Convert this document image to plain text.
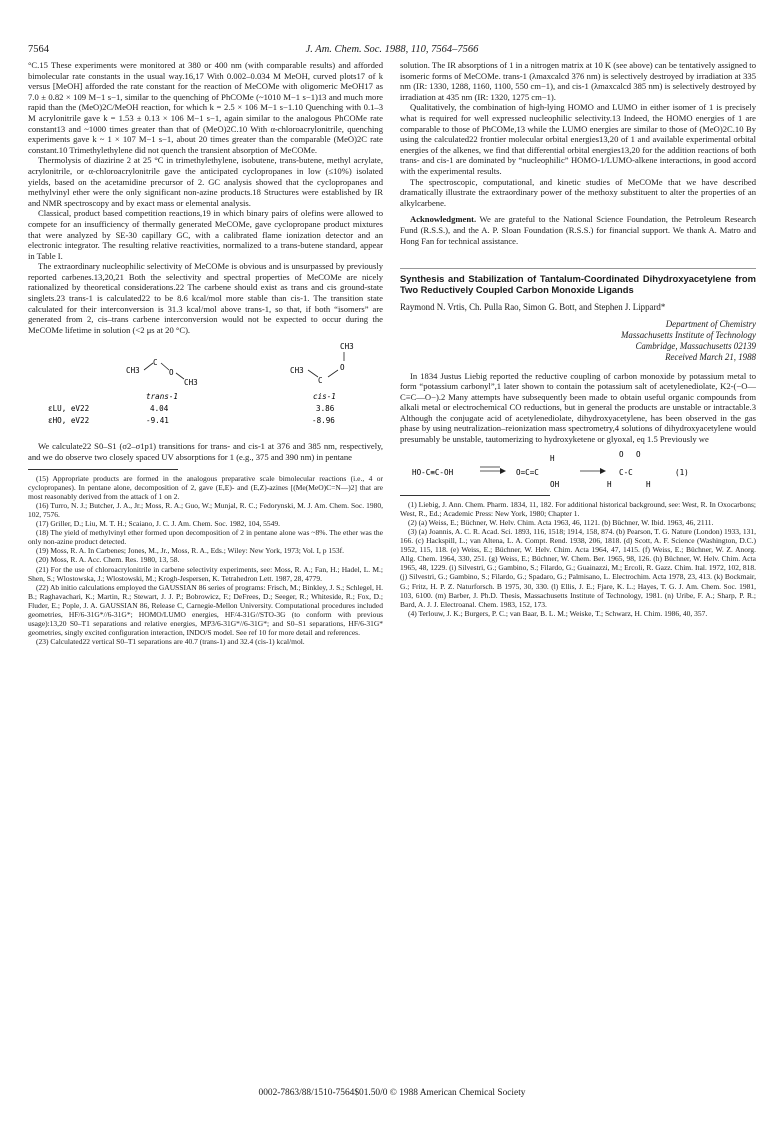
7564	J. Am. Chem. Soc. 1988, 110, 7564–7566

°C.15 These experiments were monitored at 380 or 400 nm (with comparable results) and afforded bimolecular rate constants in the usual way.16,17 With 0.002–0.034 M MeOH, curved plots17 of k versus [MeOH] afforded the rate constant for the reaction of MeCOMe with oligomeric MeOH17 as 7.0 ± 0.82 × 109 M−1 s−1, similar to the quenching of PhCOMe (~1010 M−1 s−1)13 and much more rapid than the (MeO)2C/MeOH reaction, for which k = 2.5 × 106 M−1 s−1.10 Quenching with 0.1–3 M acrylonitrile gave k = 1.53 ± 0.13 × 106 M−1 s−1, again similar to the analogous PhCOMe rate constant13 and ~1000 times greater than that of (MeO)2C.10 With α-chloroacrylonitrile, quenching experiments gave k ~ 1 × 107 M−1 s−1, about 20 times greater than the comparable (MeO)2C rate constant.10 Trimethylethylene did not quench the transient absorption of MeCOMe.

Thermolysis of diazirine 2 at 25 °C in trimethylethylene, isobutene, trans-butene, methyl acrylate, acrylonitrile, or α-chloroacrylonitrile gave the anticipated cyclopropanes in low (≤10%) isolated yields, based on the acetamidine precursor of 2. GC analysis showed that the cyclopropanes and methylvinyl ether were the only significant non-azine products.18 Structures were established by IR and NMR spectroscopy and by exact mass or elemental analysis.

Classical, product based competition reactions,19 in which binary pairs of olefins were allowed to compete for an insufficiency of thermally generated MeCOMe, gave cyclopropane product mixtures that were analyzed by SE-30 capillary GC, with a calibrated flame ionization detector and an electronic integrator. The resulting relative reactivities, normalized to a trans-butene standard, appear in Table I.

The extraordinary nucleophilic selectivity of MeCOMe is obvious and is unsurpassed by previously reported carbenes.13,20,21 Both the selectivity and spectral properties of MeCOMe are nicely rationalized by theoretical considerations.22 The carbene should exist as trans and cis ground-state singlets.23 trans-1 is calculated22 to be 8.6 kcal/mol more stable than cis-1. The transition state calculated for their interconversion is 31.3 kcal/mol above trans-1, so that, if both “isomers” are generated from 2, cis–trans carbene interconversion would not be expected to occur during the MeCOMe lifetime in solution (<2 μs at 20 °C).

CH3
C
O
CH3
CH3
O
CH3
C
trans-1	cis-1
εLU, eV22	4.04	3.86
εHO, eV22	-9.41	-8.96

We calculate22 S0–S1 (σ2–σ1p1) transitions for trans- and cis-1 at 376 and 385 nm, respectively, and we do observe two closely spaced UV absorptions for 1 (e.g., 375 and 390 nm) in pentane

(15) Appropriate products are formed in the analogous preparative scale bimolecular reactions (i.e., 4 or cyclopropanes). In pentane alone, decomposition of 2, gave (E,E)- and (E,Z)-azines [(Me(MeO)C=N—)2] that are most reasonably derived from the attack of 1 on 2.

(16) Turro, N. J.; Butcher, J. A., Jr.; Moss, R. A.; Guo, W.; Munjal, R. C.; Fedorynski, M. J. Am. Chem. Soc. 1980, 102, 7576.

(17) Griller, D.; Liu, M. T. H.; Scaiano, J. C. J. Am. Chem. Soc. 1982, 104, 5549.

(18) The yield of methylvinyl ether formed upon decomposition of 2 in pentane alone was ~8%. The ether was the only non-azine product detected.

(19) Moss, R. A. In Carbenes; Jones, M., Jr., Moss, R. A., Eds.; Wiley: New York, 1973; Vol. I, p 153f.

(20) Moss, R. A. Acc. Chem. Res. 1980, 13, 58.

(21) For the use of chloroacrylonitrile in carbene selectivity experiments, see: Moss, R. A.; Fan, H.; Hadel, L. M.; Shen, S.; Wlostowska, J.; Wlostowski, M.; Krogh-Jespersen, K. Tetrahedron Lett. 1987, 28, 4779.

(22) Ab initio calculations employed the GAUSSIAN 86 series of programs: Frisch, M.; Binkley, J. S.; Schlegel, H. B.; Raghavachari, K.; Martin, R.; Stewart, J. J. P.; Bobrowicz, F.; DeFrees, D.; Seeger, R.; Whiteside, R.; Fox, D.; Fluder, E.; Pople, J. A. GAUSSIAN 86, Release C, Carnegie-Mellon University. Computational procedures included geometries, HF/6-31G*//6-31G*; HOMO/LUMO energies, HF/4-31G//STO-3G (to conform with previous usage):13,20 S0–T1 separations and relative energies, MP3/6-31G*//6-31G*; and S0–S1 separations, HF/6-31G* geometries, singly excited configuration interaction, INDO/S model. See ref 10 for more detail and references.

(23) Calculated22 vertical S0–T1 separations are 40.7 (trans-1) and 32.4 (cis-1) kcal/mol.

solution. The IR absorptions of 1 in a nitrogen matrix at 10 K (see above) can be tentatively assigned to isomeric forms of MeCOMe. trans-1 (λmaxcalcd 376 nm) is selectively destroyed by irradiation at 335 nm (IR: 1330, 1288, 1160, 1100, 550 cm−1), and cis-1 (λmaxcalcd 385 nm) is selectively destroyed by irradiation at 435 nm (IR: 1320, 1275 cm−1).

Qualitatively, the combination of high-lying HOMO and LUMO in either isomer of 1 is precisely what is required for well expressed nucleophilic selectivity.13 Indeed, the HOMO energies of 1 are comparable to those of PhCOMe,13 while the LUMO energies are similar to those of (MeO)2C.10 By using the calculated22 frontier molecular orbital energies13,20 of 1 and available experimental orbital energies of the alkenes, we find that differential orbital energies13,20 for the addition reactions of both trans- and cis-1 are dominated by “nucleophilic” HOMO-1/LUMO-alkene interactions, in good accord with the experimental results.

The spectroscopic, computational, and kinetic studies of MeCOMe that we have described dramatically illustrate the extraordinary power of the methoxy substituent to alter the properties of an alkylcarbene.

Acknowledgment. We are grateful to the National Science Foundation, the Petroleum Research Fund (R.S.S.), and the A. P. Sloan Foundation (R.S.S.) for financial support. We thank A. Matro and Hong Fan for technical assistance.

Synthesis and Stabilization of Tantalum-Coordinated Dihydroxyacetylene from Two Reductively Coupled Carbon Monoxide Ligands
Raymond N. Vrtis, Ch. Pulla Rao, Simon G. Bott, and Stephen J. Lippard*
Department of Chemistry
Massachusetts Institute of Technology
Cambridge, Massachusetts 02139
Received March 21, 1988

In 1834 Justus Liebig reported the reductive coupling of carbon monoxide by potassium metal to form “potassium carbonyl”,1 later shown to contain the potassium salt of acetylenediolate, K2-(−O—C≡C—O−).2 Many attempts have subsequently been made to obtain useful organic compounds from alkali metal or electrochemical CO reductions, but in general the products are unstable or intractable.3 Although the conjugate acid of acetylenediolate, dihydroxyacetylene, has been observed in the gas phase by using neutralization–reionization mass spectrometry,4 solutions of dihydroxyacetylene would presumably be unstable, tautomerizing to hydroxyketene or glyoxal, eq 1.5 Previously we

HO-C≡C-OH	O=C=C
H
OH
O O
C-C
H	H
(1)

(1) Liebig, J. Ann. Chem. Pharm. 1834, 11, 182. For additional historical background, see: West, R. In Oxocarbons; West, R., Ed.; Academic Press: New York, 1980; Chapter 1.

(2) (a) Weiss, E.; Büchner, W. Helv. Chim. Acta 1963, 46, 1121. (b) Büchner, W. Ibid. 1963, 46, 2111.

(3) (a) Joannis, A. C. R. Acad. Sci. 1893, 116, 1518; 1914, 158, 874. (b) Pearson, T. G. Nature (London) 1933, 131, 166. (c) Hackspill, L.; van Altena, L. A. Compt. Rend. 1938, 206, 1818. (d) Scott, A. F. Science (Washington, D.C.) 1952, 115, 118. (e) Weiss, E.; Büchner, W. Helv. Chim. Acta 1964, 47, 1415. (f) Weiss, E.; Büchner, W. Z. Anorg. Allg. Chem. 1964, 330, 251. (g) Weiss, E.; Büchner, W. Chem. Ber. 1965, 98, 126. (h) Büchner, W. Helv. Chim. Acta 1965, 48, 1229. (i) Silvestri, G.; Gambino, S.; Filardo, G.; Guainazzi, M.; Ercoli, R. Gazz. Chim. Ital. 1972, 102, 818. (j) Silvestri, G.; Gambino, S.; Filardo, G.; Spadaro, G.; Palmisano, L. Electrochim. Acta 1978, 23, 413. (k) Bockmair, G.; Fritz, H. P. Z. Naturforsch. B 1975, 30, 330. (l) Ellis, J. E.; Fjare, K. L.; Hayes, T. G. J. Am. Chem. Soc. 1981, 103, 6100. (m) Barber, J. Ph.D. Thesis, Massachusetts Institute of Technology, 1981. (n) Uribe, F. A.; Sharp, P. R.; Bard, A. J. J. Electroanal. Chem. 1983, 152, 173.

(4) Terlouw, J. K.; Burgers, P. C.; van Baar, B. L. M.; Weiske, T.; Schwarz, H. Chim. 1986, 40, 357.

0002-7863/88/1510-7564$01.50/0 © 1988 American Chemical Society
